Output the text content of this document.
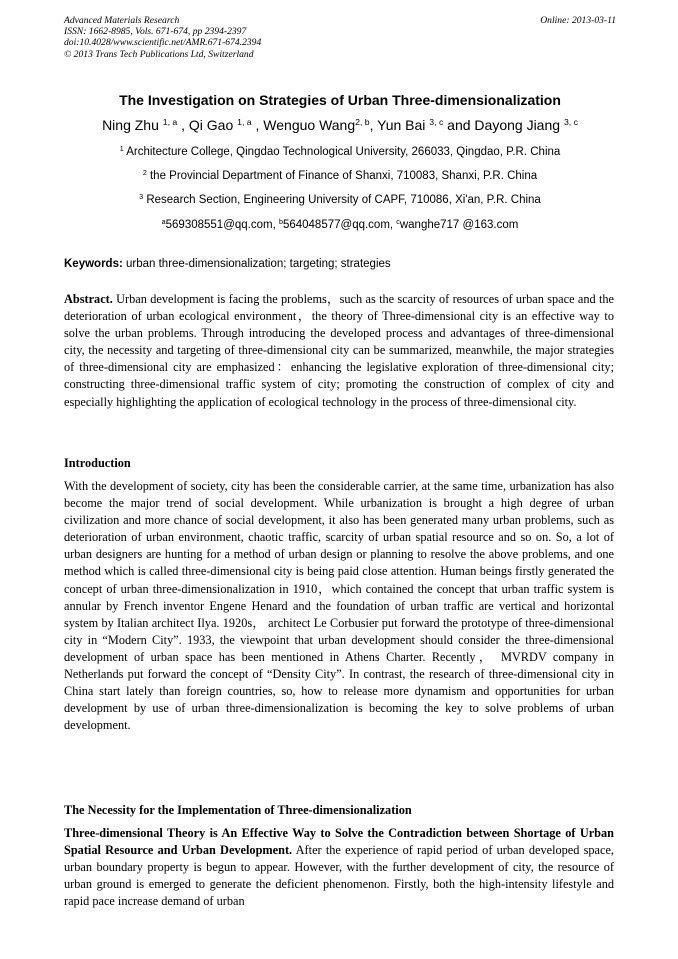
Advanced Materials Research
ISSN: 1662-8985, Vols. 671-674, pp 2394-2397
doi:10.4028/www.scientific.net/AMR.671-674.2394
© 2013 Trans Tech Publications Ltd, Switzerland
Online: 2013-03-11
The Investigation on Strategies of Urban Three-dimensionalization
Ning Zhu $^{1, a}$ , Qi Gao $^{1, a}$ , Wenguo Wang$^{2, b}$, Yun Bai $^{3, c}$ and Dayong Jiang $^{3, c}$
$^1$ Architecture College, Qingdao Technological University, 266033, Qingdao, P.R. China
$^2$ the Provincial Department of Finance of Shanxi, 710083, Shanxi, P.R. China
$^3$ Research Section, Engineering University of CAPF, 710086, Xi'an, P.R. China
$^a$569308551@qq.com, $^b$564048577@qq.com, $^c$wanghe717 @163.com
Keywords: urban three-dimensionalization; targeting; strategies

Abstract. Urban development is facing the problems，such as the scarcity of resources of urban space and the deterioration of urban ecological environment，the theory of Three-dimensional city is an effective way to solve the urban problems. Through introducing the developed process and advantages of three-dimensional city, the necessity and targeting of three-dimensional city can be summarized, meanwhile, the major strategies of three-dimensional city are emphasized：enhancing the legislative exploration of three-dimensional city; constructing three-dimensional traffic system of city; promoting the construction of complex of city and especially highlighting the application of ecological technology in the process of three-dimensional city.

Introduction

With the development of society, city has been the considerable carrier, at the same time, urbanization has also become the major trend of social development. While urbanization is brought a high degree of urban civilization and more chance of social development, it also has been generated many urban problems, such as deterioration of urban environment, chaotic traffic, scarcity of urban spatial resource and so on. So, a lot of urban designers are hunting for a method of urban design or planning to resolve the above problems, and one method which is called three-dimensional city is being paid close attention. Human beings firstly generated the concept of urban three-dimensionalization in 1910，which contained the concept that urban traffic system is annular by French inventor Engene Henard and the foundation of urban traffic are vertical and horizontal system by Italian architect Ilya. 1920s， architect Le Corbusier put forward the prototype of three-dimensional city in “Modern City”. 1933, the viewpoint that urban development should consider the three-dimensional development of urban space has been mentioned in Athens Charter. Recently， MVRDV company in Netherlands put forward the concept of “Density City”. In contrast, the research of three-dimensional city in China start lately than foreign countries, so, how to release more dynamism and opportunities for urban development by use of urban three-dimensionalization is becoming the key to solve problems of urban development.

The Necessity for the Implementation of Three-dimensionalization

Three-dimensional Theory is An Effective Way to Solve the Contradiction between Shortage of Urban Spatial Resource and Urban Development. After the experience of rapid period of urban developed space, urban boundary property is begun to appear. However, with the further development of city, the resource of urban ground is emerged to generate the deficient phenomenon. Firstly, both the high-intensity lifestyle and rapid pace increase demand of urban
